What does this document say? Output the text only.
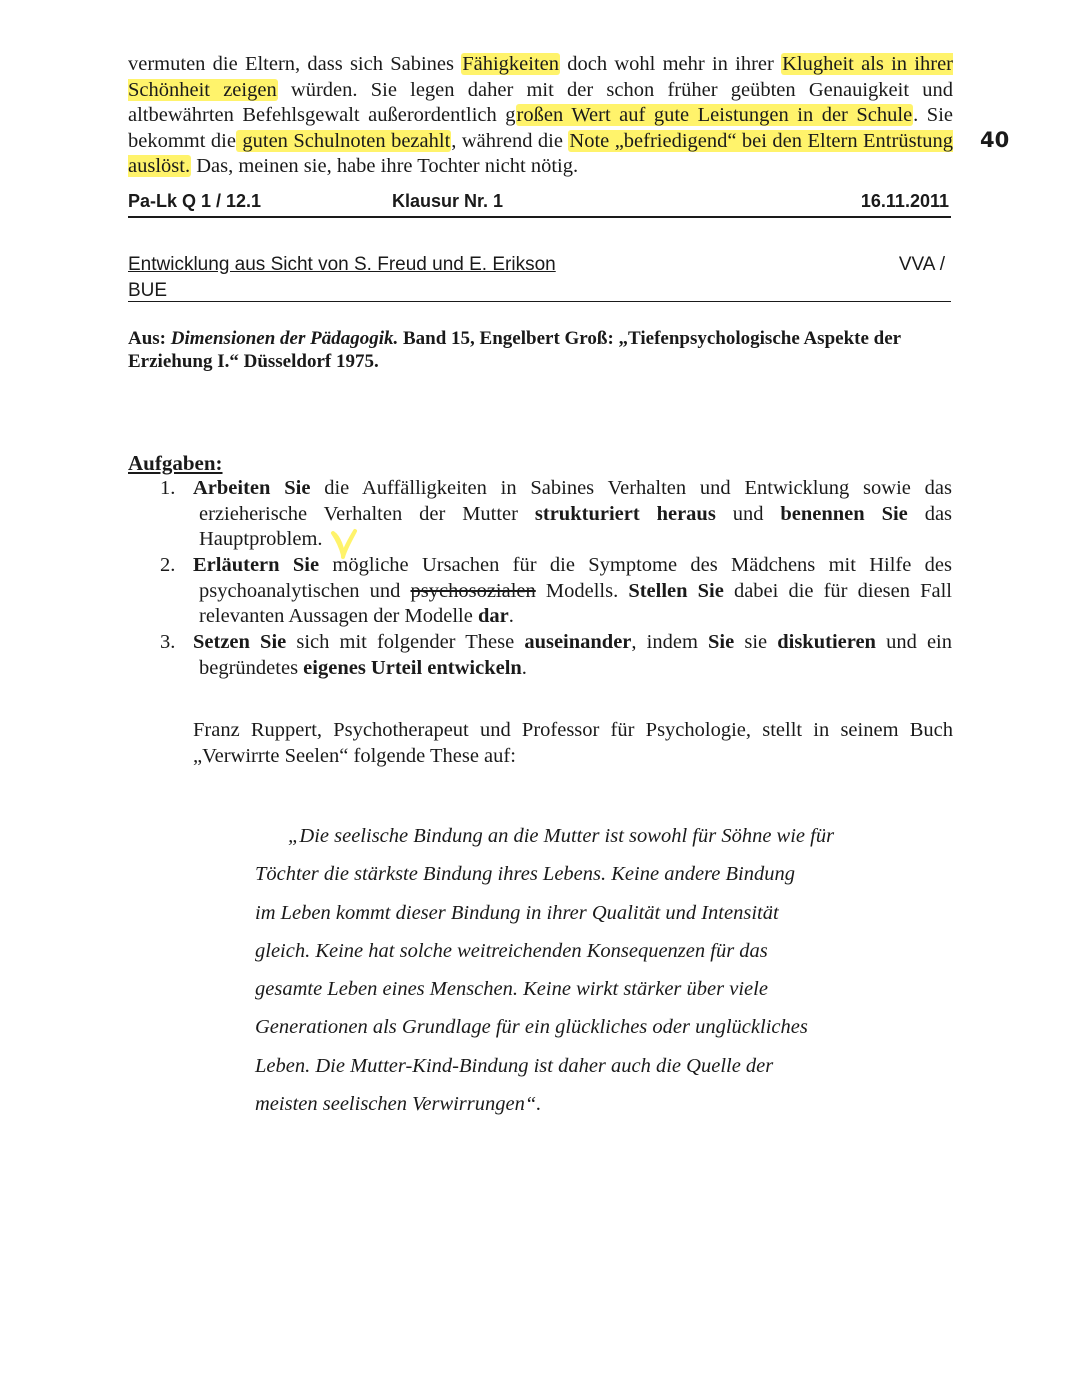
vermuten die Eltern, dass sich Sabines Fähigkeiten doch wohl mehr in ihrer Klugheit als in ihrer Schönheit zeigen würden. Sie legen daher mit der schon früher geübten Genauigkeit und altbewährten Befehlsgewalt außerordentlich großen Wert auf gute Leistungen in der Schule. Sie bekommt die guten Schulnoten bezahlt, während die Note „befriedigend“ bei den Eltern Entrüstung auslöst. Das, meinen sie, habe ihre Tochter nicht nötig.
40
Pa-Lk Q 1 / 12.1	Klausur Nr. 1	16.11.2011
Entwicklung aus Sicht von S. Freud und E. Erikson	VVA /
BUE
Aus: Dimensionen der Pädagogik. Band 15, Engelbert Groß: „Tiefenpsychologische Aspekte der Erziehung I.“ Düsseldorf 1975.
Aufgaben:
1. Arbeiten Sie die Auffälligkeiten in Sabines Verhalten und Entwicklung sowie das erzieherische Verhalten der Mutter strukturiert heraus und benennen Sie das Hauptproblem.
2. Erläutern Sie mögliche Ursachen für die Symptome des Mädchens mit Hilfe des psychoanalytischen und psychosozialen Modells. Stellen Sie dabei die für diesen Fall relevanten Aussagen der Modelle dar.
3. Setzen Sie sich mit folgender These auseinander, indem Sie sie diskutieren und ein begründetes eigenes Urteil entwickeln.
Franz Ruppert, Psychotherapeut und Professor für Psychologie, stellt in seinem Buch „Verwirrte Seelen“ folgende These auf:
„Die seelische Bindung an die Mutter ist sowohl für Söhne wie für
Töchter die stärkste Bindung ihres Lebens. Keine andere Bindung
im Leben kommt dieser Bindung in ihrer Qualität und Intensität
gleich. Keine hat solche weitreichenden Konsequenzen für das
gesamte Leben eines Menschen. Keine wirkt stärker über viele
Generationen als Grundlage für ein glückliches oder unglückliches
Leben. Die Mutter-Kind-Bindung ist daher auch die Quelle der
meisten seelischen Verwirrungen“.
